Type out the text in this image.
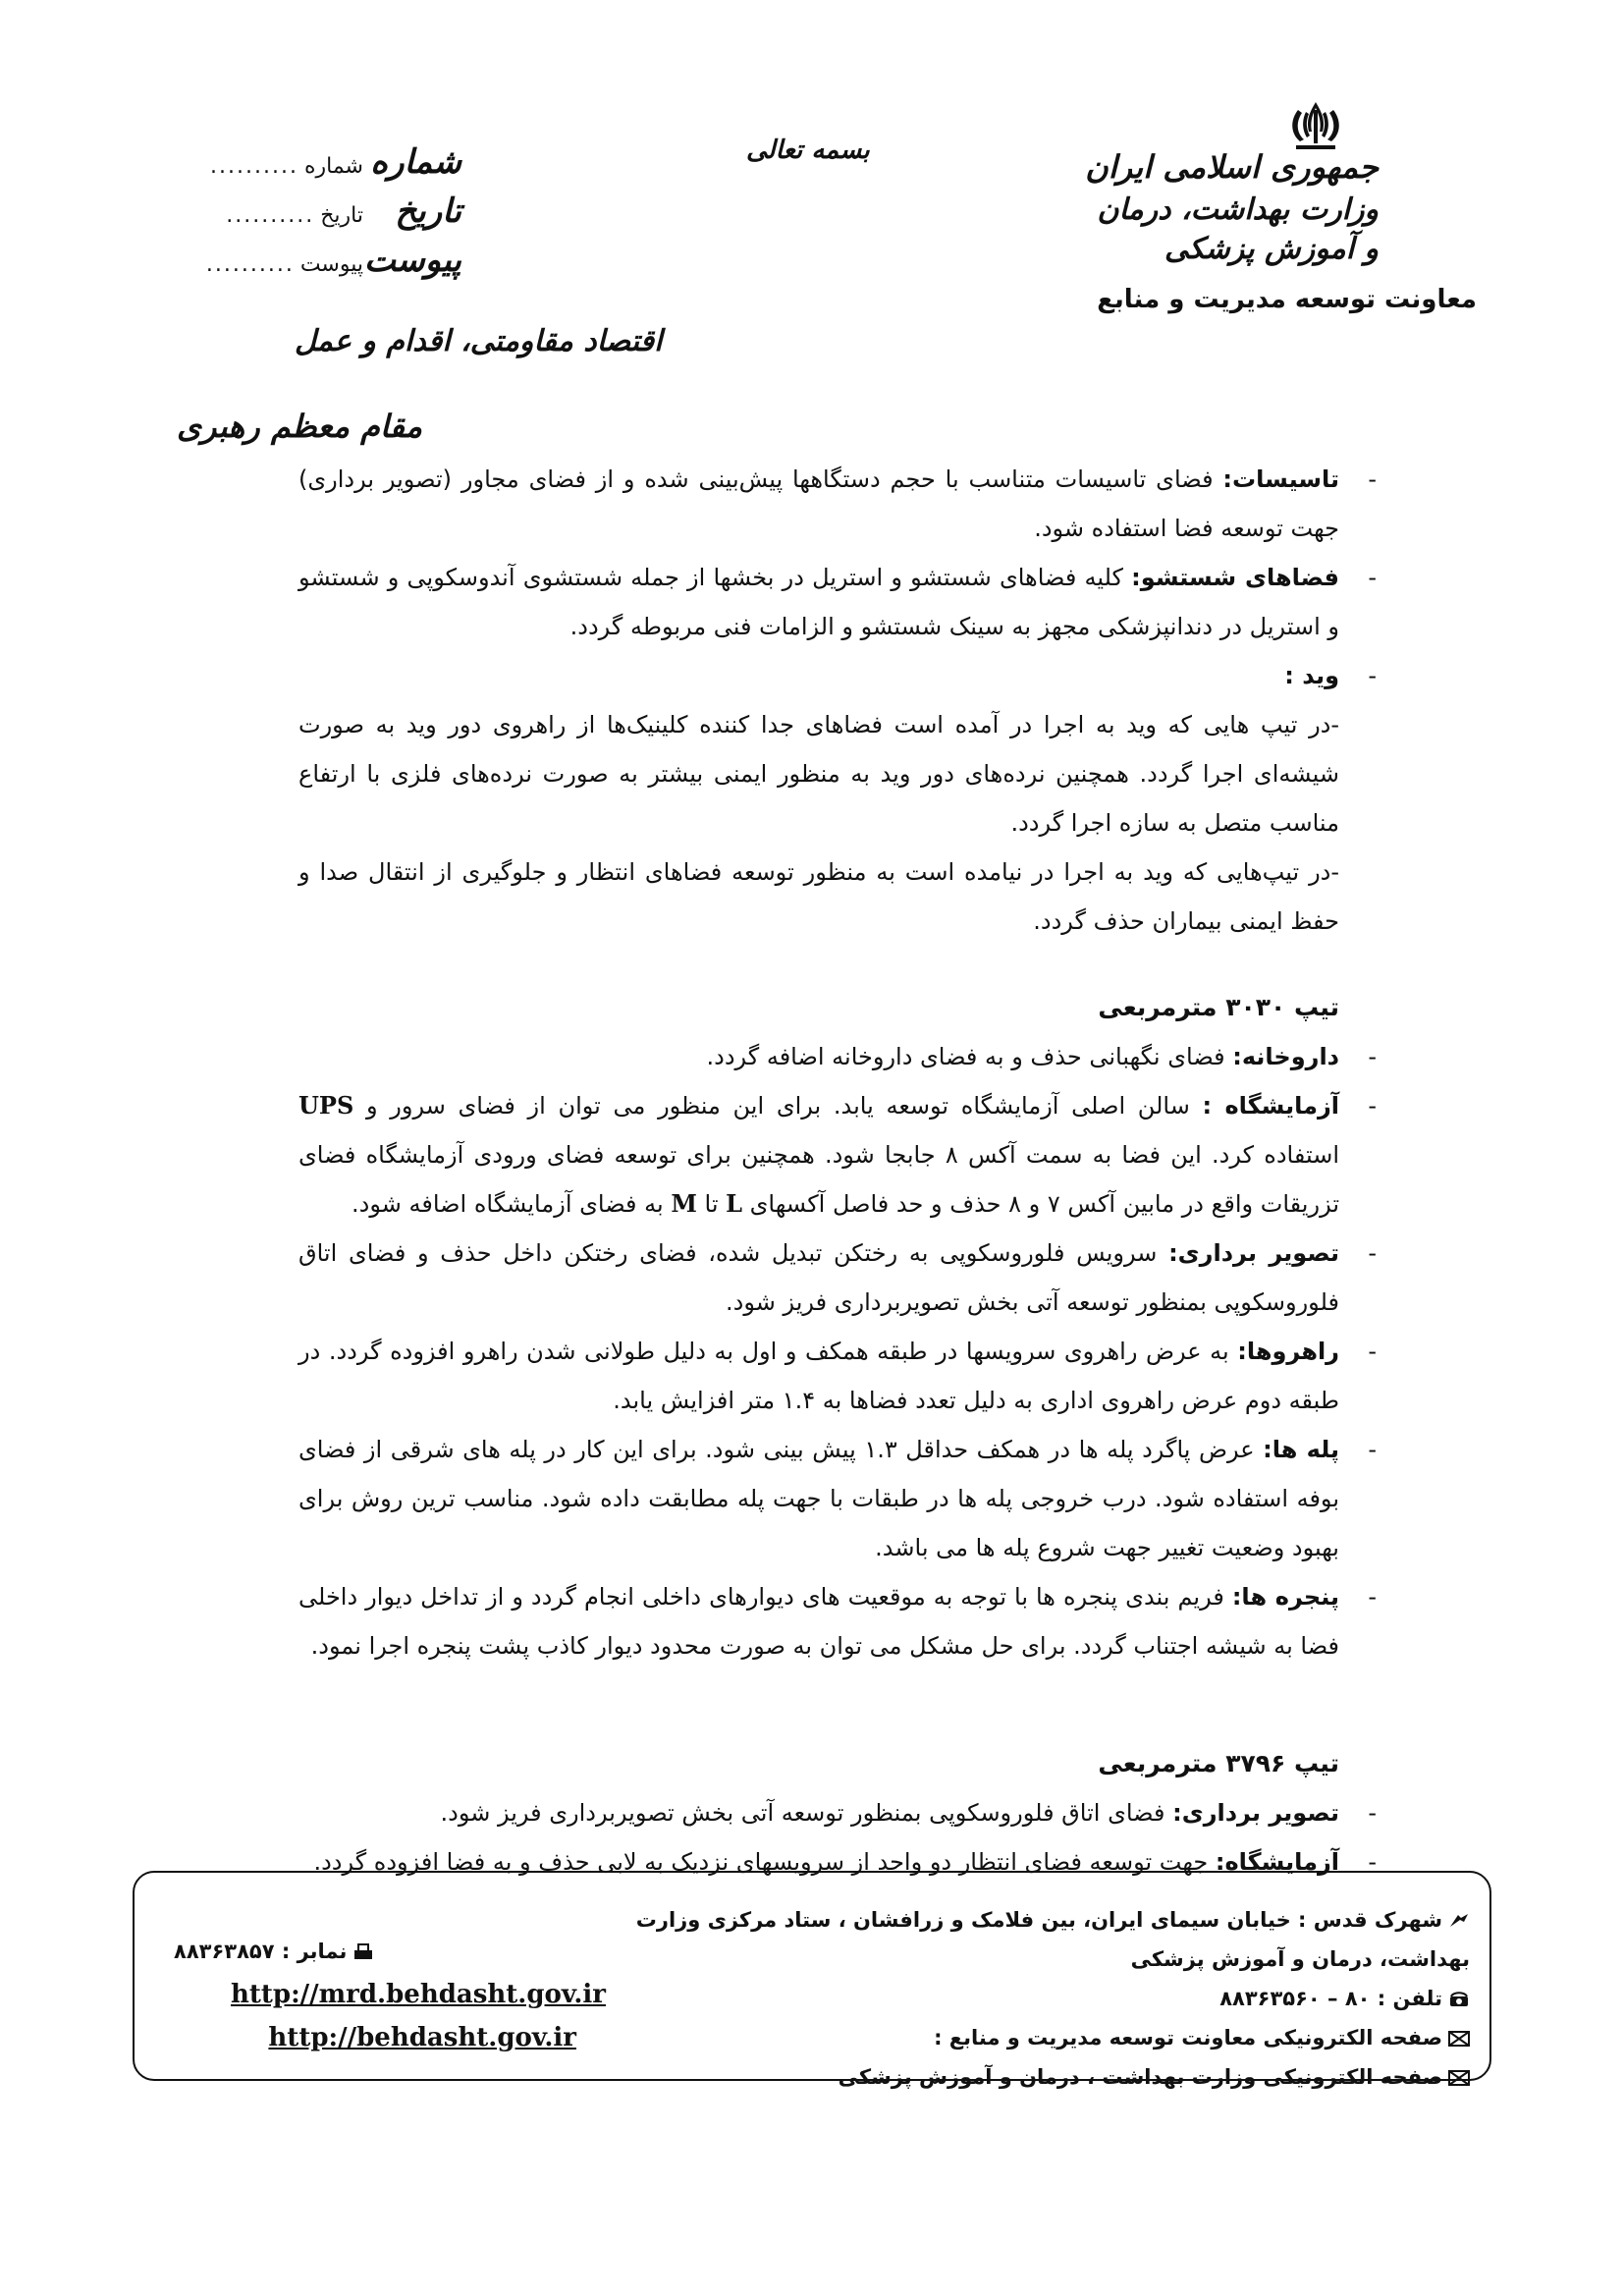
جمهوری اسلامی ایران
وزارت بهداشت، درمان و آموزش پزشکی
معاونت توسعه مدیریت و منابع
بسمه تعالی
شماره
شماره
..........
تاریخ
تاریخ
..........
پیوست
پیوست
..........
اقتصاد مقاومتی، اقدام و عمل
مقام معظم رهبری

-
تاسیسات: فضای تاسیسات متناسب با حجم دستگاهها پیش‌بینی شده و از فضای مجاور (تصویر برداری) جهت توسعه فضا استفاده شود.

-
فضاهای شستشو: کلیه فضاهای شستشو و استریل در بخشها از جمله شستشوی آندوسکوپی و شستشو و استریل در دندانپزشکی مجهز به سینک شستشو و الزامات فنی مربوطه گردد.

-
وید :

-در تیپ هایی که وید به اجرا در آمده است فضاهای جدا کننده کلینیک‌ها از راهروی دور وید به صورت شیشه‌ای اجرا گردد. همچنین نرده‌های دور وید به منظور ایمنی بیشتر به صورت نرده‌های فلزی با ارتفاع مناسب متصل به سازه اجرا گردد.

-در تیپ‌هایی که وید به اجرا در نیامده است به منظور توسعه فضاهای انتظار و جلوگیری از انتقال صدا و حفظ ایمنی بیماران حذف گردد.

تیپ ۳۰۳۰ مترمربعی

-
داروخانه: فضای نگهبانی حذف و به فضای داروخانه اضافه گردد.

-
آزمایشگاه : سالن اصلی آزمایشگاه توسعه یابد. برای این منظور می توان از فضای سرور و UPS استفاده کرد. این فضا به سمت آکس ۸ جابجا شود. همچنین برای توسعه فضای ورودی آزمایشگاه فضای تزریقات واقع در مابین آکس ۷ و ۸ حذف و حد فاصل آکسهای L تا M به فضای آزمایشگاه اضافه شود.

-
تصویر برداری: سرویس فلوروسکوپی به رختکن تبدیل شده، فضای رختکن داخل حذف و فضای اتاق فلوروسکوپی بمنظور توسعه آتی بخش تصویربرداری فریز شود.

-
راهروها: به عرض راهروی سرویسها در طبقه همکف و اول به دلیل طولانی شدن راهرو افزوده گردد. در طبقه دوم عرض راهروی اداری به دلیل تعدد فضاها به ۱.۴ متر افزایش یابد.

-
پله ها: عرض پاگرد پله ها در همکف حداقل ۱.۳ پیش بینی شود. برای این کار در پله های شرقی از فضای بوفه استفاده شود. درب خروجی پله ها در طبقات با جهت پله مطابقت داده شود. مناسب ترین روش برای بهبود وضعیت تغییر جهت شروع پله ها می باشد.

-
پنجره ها: فریم بندی پنجره ها با توجه به موقعیت های دیوارهای داخلی انجام گردد و از تداخل دیوار داخلی فضا به شیشه اجتناب گردد. برای حل مشکل می توان به صورت محدود دیوار کاذب پشت پنجره اجرا نمود.

تیپ ۳۷۹۶ مترمربعی

-
تصویر برداری: فضای اتاق فلوروسکوپی بمنظور توسعه آتی بخش تصویربرداری فریز شود.

-
آزمایشگاه: جهت توسعه فضای انتظار دو واحد از سرویسهای نزدیک به لابی حذف و به فضا افزوده گردد.

شهرک قدس : خیابان سیمای ایران، بین فلامک و زرافشان ، ستاد مرکزی وزارت بهداشت، درمان و آموزش پزشکی
تلفن : ۸۰ – ۸۸۳۶۳۵۶۰
صفحه الکترونیکی معاونت توسعه مدیریت و منابع :
صفحه الکترونیکی وزارت بهداشت ، درمان و آموزش پزشکی
نمابر : ۸۸۳۶۳۸۵۷
http://mrd.behdasht.gov.ir
http://behdasht.gov.ir
